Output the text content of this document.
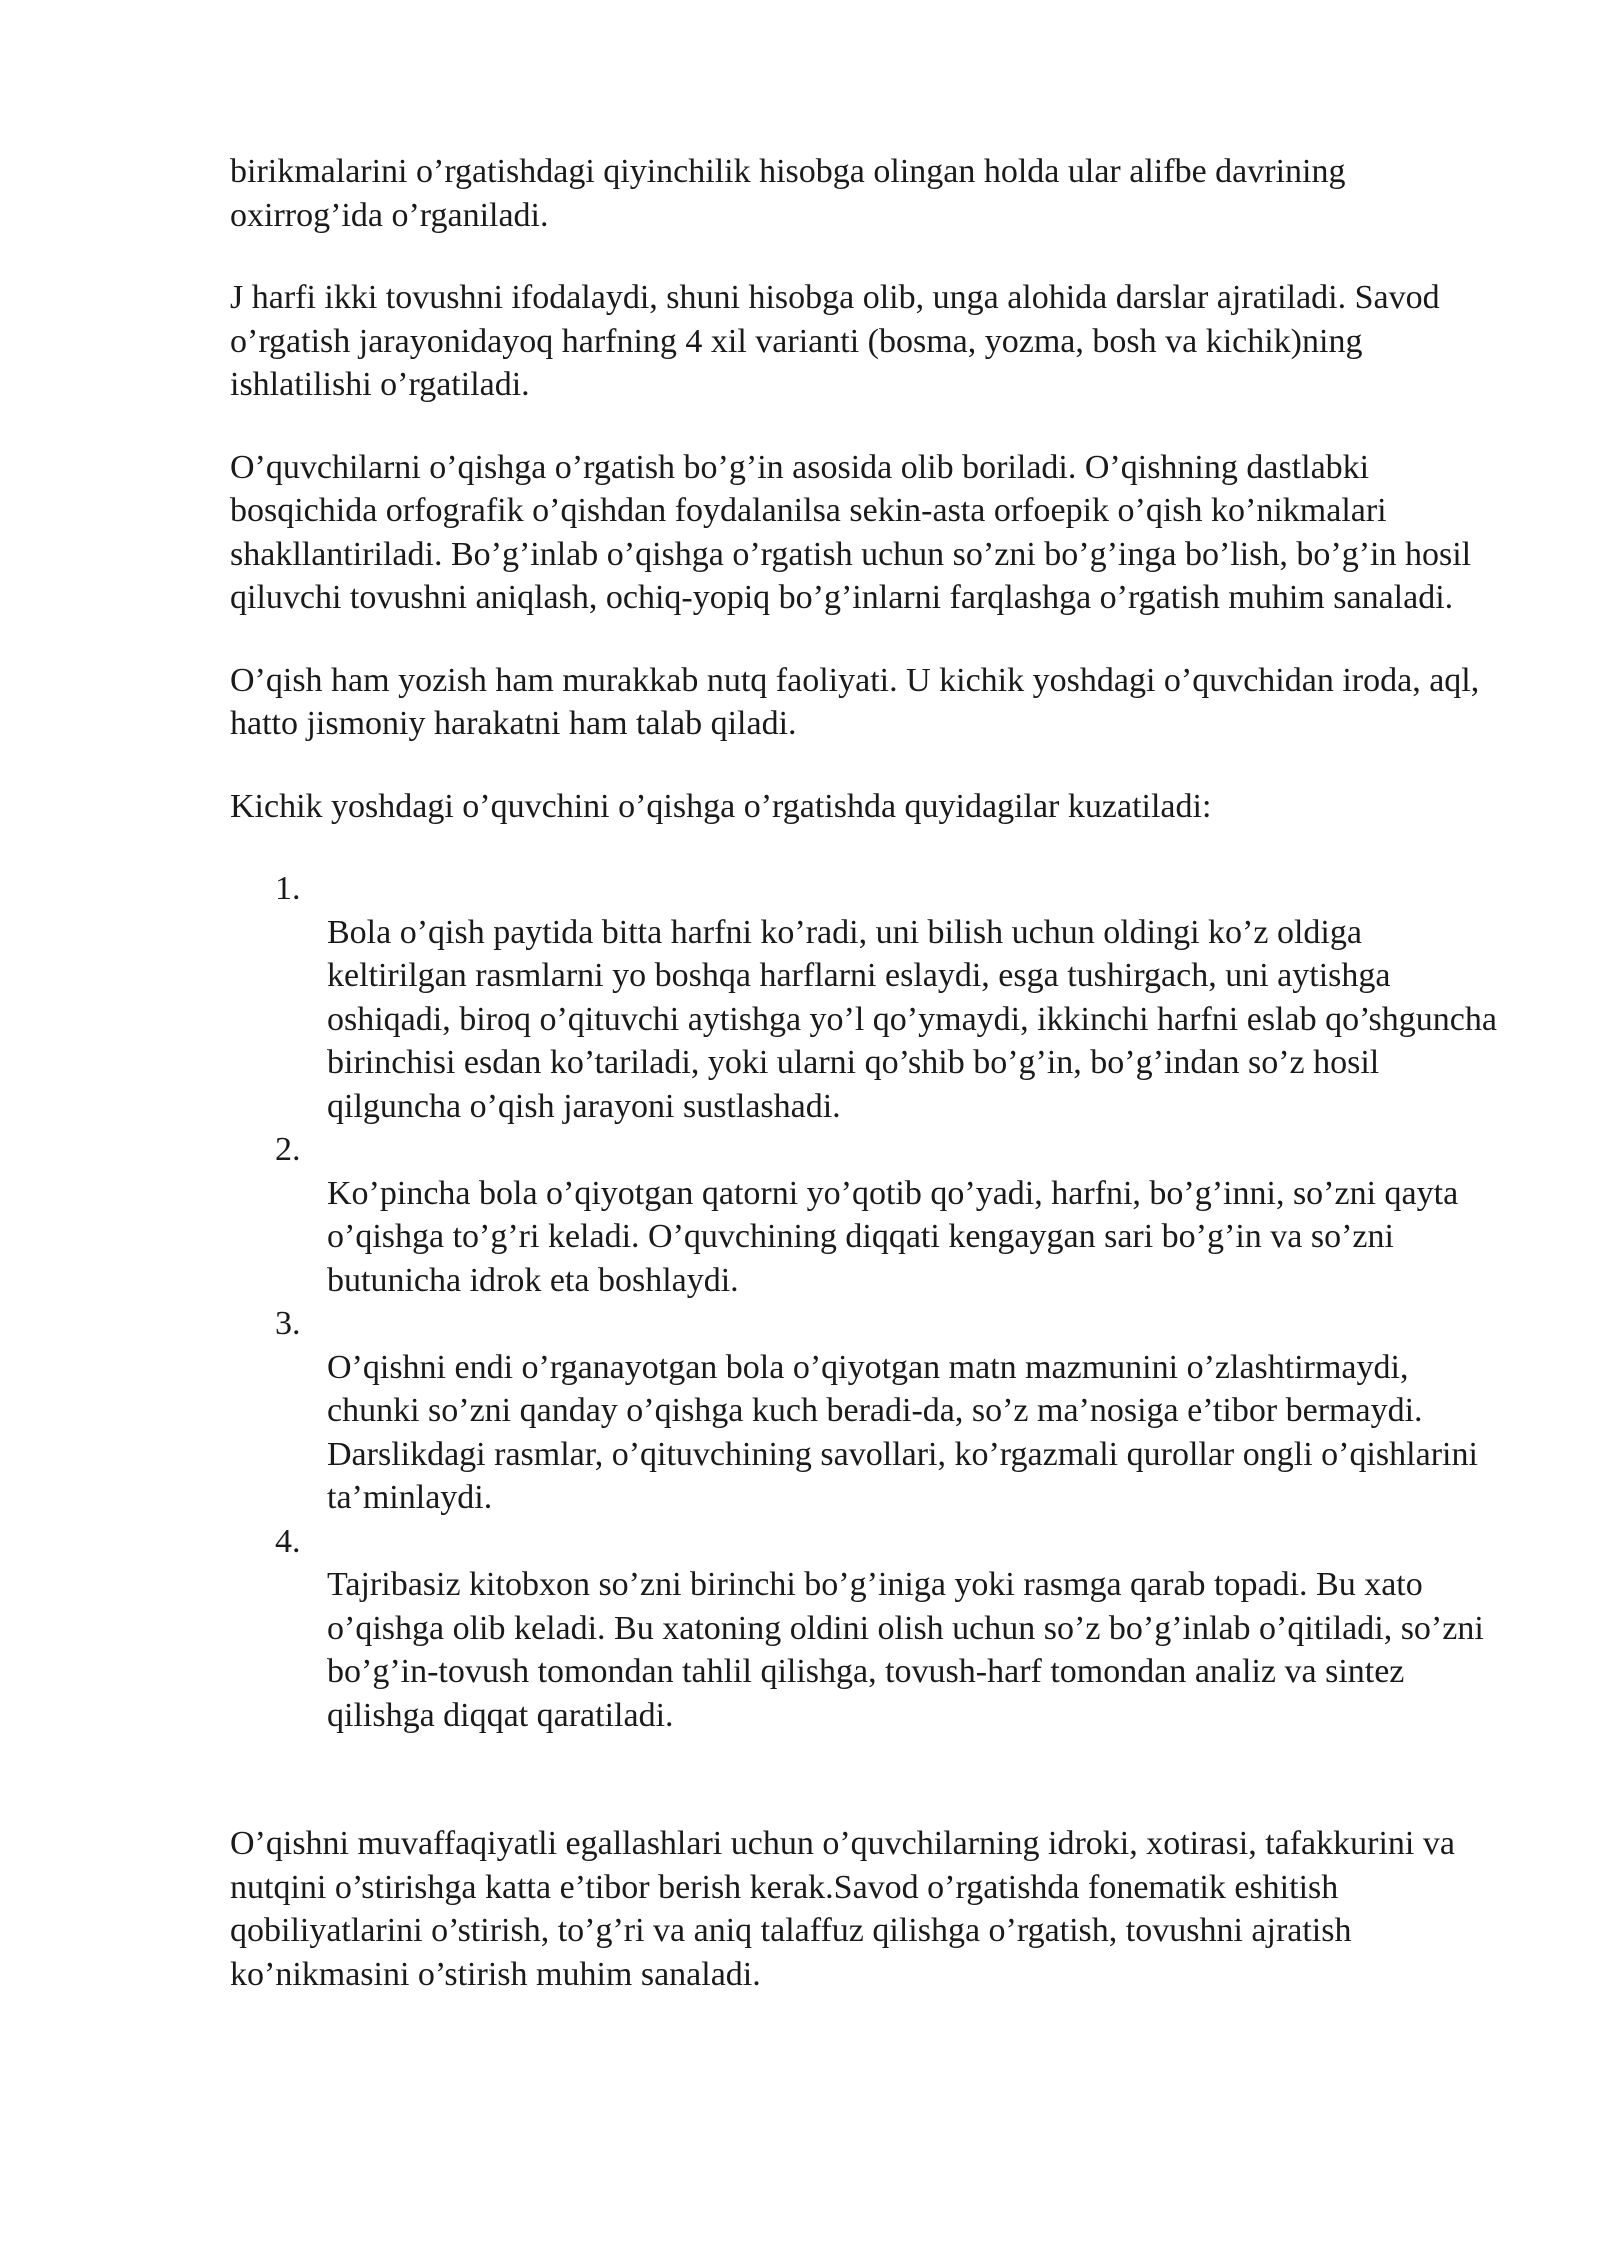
birikmalarini o’rgatishdagi qiyinchilik hisobga olingan holda ular alifbe davrining oxirrog’ida o’rganiladi.

J harfi ikki tovushni ifodalaydi, shuni hisobga olib, unga alohida darslar ajratiladi. Savod o’rgatish jarayonidayoq harfning 4 xil varianti (bosma, yozma, bosh va kichik)ning ishlatilishi o’rgatiladi.

O’quvchilarni o’qishga o’rgatish bo’g’in asosida olib boriladi. O’qishning dastlabki bosqichida orfografik o’qishdan foydalanilsa sekin-asta orfoepik o’qish ko’nikmalari shakllantiriladi. Bo’g’inlab o’qishga o’rgatish uchun so’zni bo’g’inga bo’lish, bo’g’in hosil qiluvchi tovushni aniqlash, ochiq-yopiq bo’g’inlarni farqlashga o’rgatish muhim sanaladi.

O’qish ham yozish ham murakkab nutq faoliyati. U kichik yoshdagi o’quvchidan iroda, aql, hatto jismoniy harakatni ham talab qiladi.

Kichik yoshdagi o’quvchini o’qishga o’rgatishda quyidagilar kuzatiladi:

1.
Bola o’qish paytida bitta harfni ko’radi, uni bilish uchun oldingi ko’z oldiga keltirilgan rasmlarni yo boshqa harflarni eslaydi, esga tushirgach, uni aytishga oshiqadi, biroq o’qituvchi aytishga yo’l qo’ymaydi, ikkinchi harfni eslab qo’shguncha birinchisi esdan ko’tariladi, yoki ularni qo’shib bo’g’in, bo’g’indan so’z hosil qilguncha o’qish jarayoni sustlashadi.
2.
Ko’pincha bola o’qiyotgan qatorni yo’qotib qo’yadi, harfni, bo’g’inni, so’zni qayta o’qishga to’g’ri keladi. O’quvchining diqqati kengaygan sari bo’g’in va so’zni butunicha idrok eta boshlaydi.
3.
O’qishni endi o’rganayotgan bola o’qiyotgan matn mazmunini o’zlashtirmaydi, chunki so’zni qanday o’qishga kuch beradi-da, so’z ma’nosiga e’tibor bermaydi. Darslikdagi rasmlar, o’qituvchining savollari, ko’rgazmali qurollar ongli o’qishlarini ta’minlaydi.
4.
Tajribasiz kitobxon so’zni birinchi bo’g’iniga yoki rasmga qarab topadi. Bu xato o’qishga olib keladi. Bu xatoning oldini olish uchun so’z bo’g’inlab o’qitiladi, so’zni bo’g’in-tovush tomondan tahlil qilishga, tovush-harf tomondan analiz va sintez qilishga diqqat qaratiladi.

O’qishni muvaffaqiyatli egallashlari uchun o’quvchilarning idroki, xotirasi, tafakkurini va nutqini o’stirishga katta e’tibor berish kerak.Savod o’rgatishda fonematik eshitish qobiliyatlarini o’stirish, to’g’ri va aniq talaffuz qilishga o’rgatish, tovushni ajratish ko’nikmasini o’stirish muhim sanaladi.
